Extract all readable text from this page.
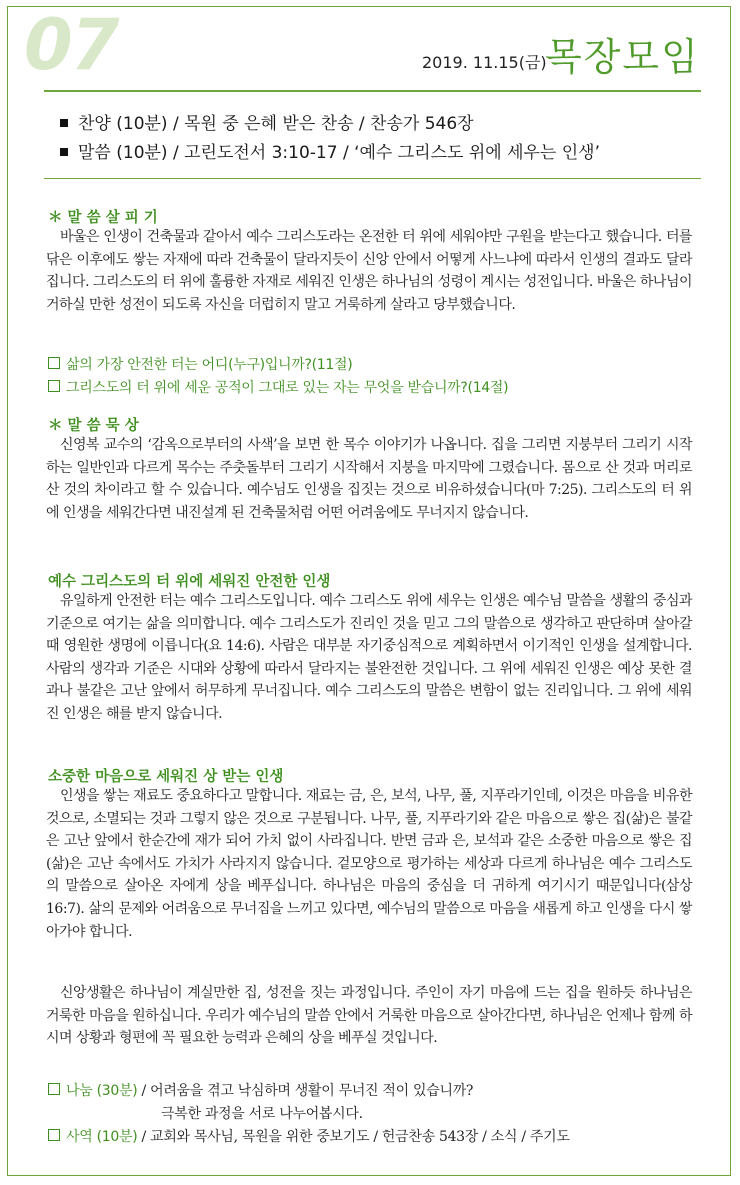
07	2019. 11.15(금)
목장모임
찬양 (10분) / 목원 중 은혜 받은 찬송 / 찬송가 546장
말씀 (10분) / 고린도전서 3:10-17 / ‘예수 그리스도 위에 세우는 인생’
＊ 말 씀 살 피 기
바울은 인생이 건축물과 같아서 예수 그리스도라는 온전한 터 위에 세워야만 구원을 받는다고 했습니다. 터를 닦은 이후에도 쌓는 자재에 따라 건축물이 달라지듯이 신앙 안에서 어떻게 사느냐에 따라서 인생의 결과도 달라집니다. 그리스도의 터 위에 훌륭한 자재로 세워진 인생은 하나님의 성령이 계시는 성전입니다. 바울은 하나님이 거하실 만한 성전이 되도록 자신을 더럽히지 말고 거룩하게 살라고 당부했습니다.
삶의 가장 안전한 터는 어디(누구)입니까?(11절)
그리스도의 터 위에 세운 공적이 그대로 있는 자는 무엇을 받습니까?(14절)
＊ 말 씀 묵 상
신영복 교수의 ‘감옥으로부터의 사색’을 보면 한 목수 이야기가 나옵니다. 집을 그리면 지붕부터 그리기 시작하는 일반인과 다르게 목수는 주춧돌부터 그리기 시작해서 지붕을 마지막에 그렸습니다. 몸으로 산 것과 머리로 산 것의 차이라고 할 수 있습니다. 예수님도 인생을 집짓는 것으로 비유하셨습니다(마 7:25). 그리스도의 터 위에 인생을 세워간다면 내진설계 된 건축물처럼 어떤 어려움에도 무너지지 않습니다.
예수 그리스도의 터 위에 세워진 안전한 인생
유일하게 안전한 터는 예수 그리스도입니다. 예수 그리스도 위에 세우는 인생은 예수님 말씀을 생활의 중심과 기준으로 여기는 삶을 의미합니다. 예수 그리스도가 진리인 것을 믿고 그의 말씀으로 생각하고 판단하며 살아갈 때 영원한 생명에 이릅니다(요 14:6). 사람은 대부분 자기중심적으로 계획하면서 이기적인 인생을 설계합니다. 사람의 생각과 기준은 시대와 상황에 따라서 달라지는 불완전한 것입니다. 그 위에 세워진 인생은 예상 못한 결과나 불같은 고난 앞에서 허무하게 무너집니다. 예수 그리스도의 말씀은 변함이 없는 진리입니다. 그 위에 세워진 인생은 해를 받지 않습니다.
소중한 마음으로 세워진 상 받는 인생
인생을 쌓는 재료도 중요하다고 말합니다. 재료는 금, 은, 보석, 나무, 풀, 지푸라기인데, 이것은 마음을 비유한 것으로, 소멸되는 것과 그렇지 않은 것으로 구분됩니다. 나무, 풀, 지푸라기와 같은 마음으로 쌓은 집(삶)은 불같은 고난 앞에서 한순간에 재가 되어 가치 없이 사라집니다. 반면 금과 은, 보석과 같은 소중한 마음으로 쌓은 집(삶)은 고난 속에서도 가치가 사라지지 않습니다. 겉모양으로 평가하는 세상과 다르게 하나님은 예수 그리스도의 말씀으로 살아온 자에게 상을 베푸십니다. 하나님은 마음의 중심을 더 귀하게 여기시기 때문입니다(삼상 16:7). 삶의 문제와 어려움으로 무너짐을 느끼고 있다면, 예수님의 말씀으로 마음을 새롭게 하고 인생을 다시 쌓아가야 합니다.
신앙생활은 하나님이 계실만한 집, 성전을 짓는 과정입니다. 주인이 자기 마음에 드는 집을 원하듯 하나님은 거룩한 마음을 원하십니다. 우리가 예수님의 말씀 안에서 거룩한 마음으로 살아간다면, 하나님은 언제나 함께 하시며 상황과 형편에 꼭 필요한 능력과 은혜의 상을 베푸실 것입니다.
나눔 (30분) / 어려움을 겪고 낙심하며 생활이 무너진 적이 있습니까?
극복한 과정을 서로 나누어봅시다.
사역 (10분) / 교회와 목사님, 목원을 위한 중보기도 / 헌금찬송 543장 / 소식 / 주기도
